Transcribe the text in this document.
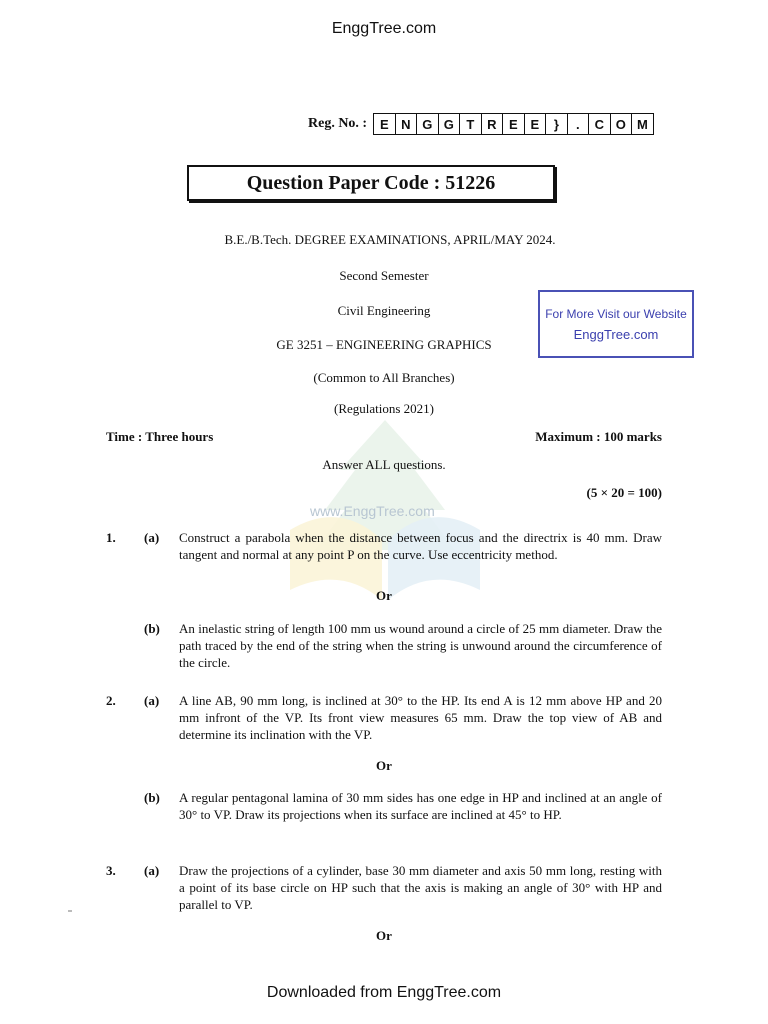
EnggTree.com
Reg. No. : E N G G T R E E	}	.	C O M
Question Paper Code : 51226
B.E./B.Tech. DEGREE EXAMINATIONS, APRIL/MAY 2024.
Second Semester
Civil Engineering
GE 3251 – ENGINEERING GRAPHICS
(Common to All Branches)
(Regulations 2021)
For More Visit our Website
EnggTree.com
www.EnggTree.com
Time : Three hours	Maximum : 100 marks
Answer ALL questions.
(5 × 20 = 100)
1. (a) Construct a parabola when the distance between focus and the directrix is 40 mm. Draw tangent and normal at any point P on the curve. Use eccentricity method.
Or
(b) An inelastic string of length 100 mm us wound around a circle of 25 mm diameter. Draw the path traced by the end of the string when the string is unwound around the circumference of the circle.
2. (a) A line AB, 90 mm long, is inclined at 30° to the HP. Its end A is 12 mm above HP and 20 mm infront of the VP. Its front view measures 65 mm. Draw the top view of AB and determine its inclination with the VP.
Or
(b) A regular pentagonal lamina of 30 mm sides has one edge in HP and inclined at an angle of 30° to VP. Draw its projections when its surface are inclined at 45° to HP.
3. (a) Draw the projections of a cylinder, base 30 mm diameter and axis 50 mm long, resting with a point of its base circle on HP such that the axis is making an angle of 30° with HP and parallel to VP.
Or
Downloaded from EnggTree.com
